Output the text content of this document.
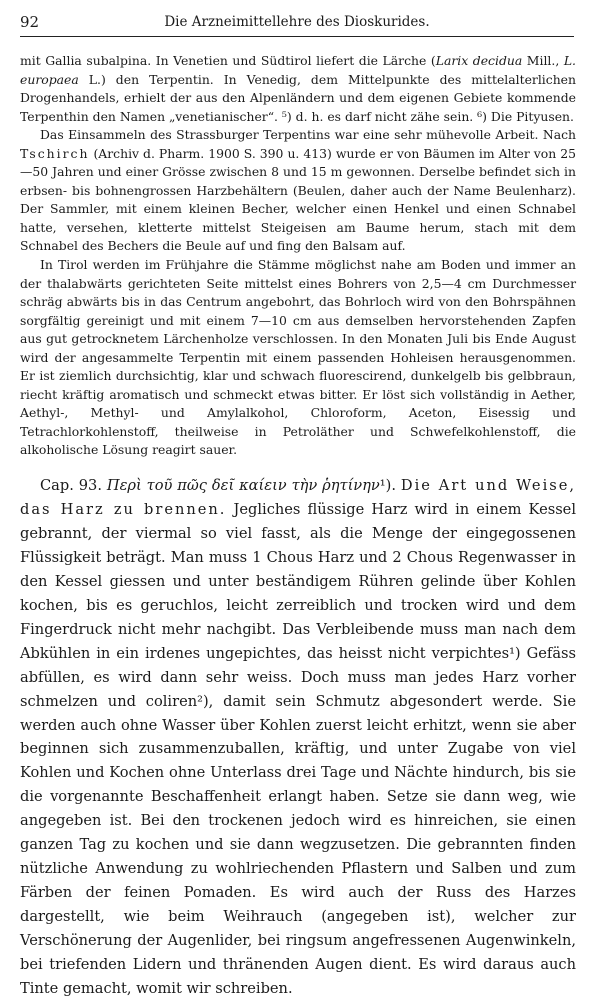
92	Die Arzneimittellehre des Dioskurides.

mit Gallia subalpina. In Venetien und Südtirol liefert die Lärche (Larix decidua Mill., L. europaea L.) den Terpentin. In Venedig, dem Mittelpunkte des mittelalterlichen Drogenhandels, erhielt der aus den Alpenländern und dem eigenen Gebiete kommende Terpenthin den Namen „venetianischer“. ⁵) d. h. es darf nicht zähe sein. ⁶) Die Pityusen.

Das Einsammeln des Strassburger Terpentins war eine sehr mühevolle Arbeit. Nach Tschirch (Archiv d. Pharm. 1900 S. 390 u. 413) wurde er von Bäumen im Alter von 25—50 Jahren und einer Grösse zwischen 8 und 15 m gewonnen. Derselbe befindet sich in erbsen- bis bohnengrossen Harzbehältern (Beulen, daher auch der Name Beulenharz). Der Sammler, mit einem kleinen Becher, welcher einen Henkel und einen Schnabel hatte, versehen, kletterte mittelst Steigeisen am Baume herum, stach mit dem Schnabel des Bechers die Beule auf und fing den Balsam auf.

In Tirol werden im Frühjahre die Stämme möglichst nahe am Boden und immer an der thalabwärts gerichteten Seite mittelst eines Bohrers von 2,5—4 cm Durchmesser schräg abwärts bis in das Centrum angebohrt, das Bohrloch wird von den Bohrspähnen sorgfältig gereinigt und mit einem 7—10 cm aus demselben hervorstehenden Zapfen aus gut getrocknetem Lärchenholze verschlossen. In den Monaten Juli bis Ende August wird der angesammelte Terpentin mit einem passenden Hohleisen herausgenommen. Er ist ziemlich durchsichtig, klar und schwach fluorescirend, dunkelgelb bis gelbbraun, riecht kräftig aromatisch und schmeckt etwas bitter. Er löst sich vollständig in Aether, Aethyl-, Methyl- und Amylalkohol, Chloroform, Aceton, Eisessig und Tetrachlorkohlenstoff, theilweise in Petroläther und Schwefelkohlenstoff, die alkoholische Lösung reagirt sauer.

Cap. 93. Περὶ τοῦ πῶς δεῖ καίειν τὴν ῥητίνην¹). Die Art und Weise, das Harz zu brennen. Jegliches flüssige Harz wird in einem Kessel gebrannt, der viermal so viel fasst, als die Menge der eingegossenen Flüssigkeit beträgt. Man muss 1 Chous Harz und 2 Chous Regenwasser in den Kessel giessen und unter beständigem Rühren gelinde über Kohlen kochen, bis es geruchlos, leicht zerreiblich und trocken wird und dem Fingerdruck nicht mehr nachgibt. Das Verbleibende muss man nach dem Abkühlen in ein irdenes ungepichtes, das heisst nicht verpichtes¹) Gefäss abfüllen, es wird dann sehr weiss. Doch muss man jedes Harz vorher schmelzen und coliren²), damit sein Schmutz abgesondert werde. Sie werden auch ohne Wasser über Kohlen zuerst leicht erhitzt, wenn sie aber beginnen sich zusammenzuballen, kräftig, und unter Zugabe von viel Kohlen und Kochen ohne Unterlass drei Tage und Nächte hindurch, bis sie die vorgenannte Beschaffenheit erlangt haben. Setze sie dann weg, wie angegeben ist. Bei den trockenen jedoch wird es hinreichen, sie einen ganzen Tag zu kochen und sie dann wegzusetzen. Die gebrannten finden nützliche Anwendung zu wohlriechenden Pflastern und Salben und zum Färben der feinen Pomaden. Es wird auch der Russ des Harzes dargestellt, wie beim Weihrauch (angegeben ist), welcher zur Verschönerung der Augenlider, bei ringsum angefressenen Augenwinkeln, bei triefenden Lidern und thränenden Augen dient. Es wird daraus auch Tinte gemacht, womit wir schreiben.
